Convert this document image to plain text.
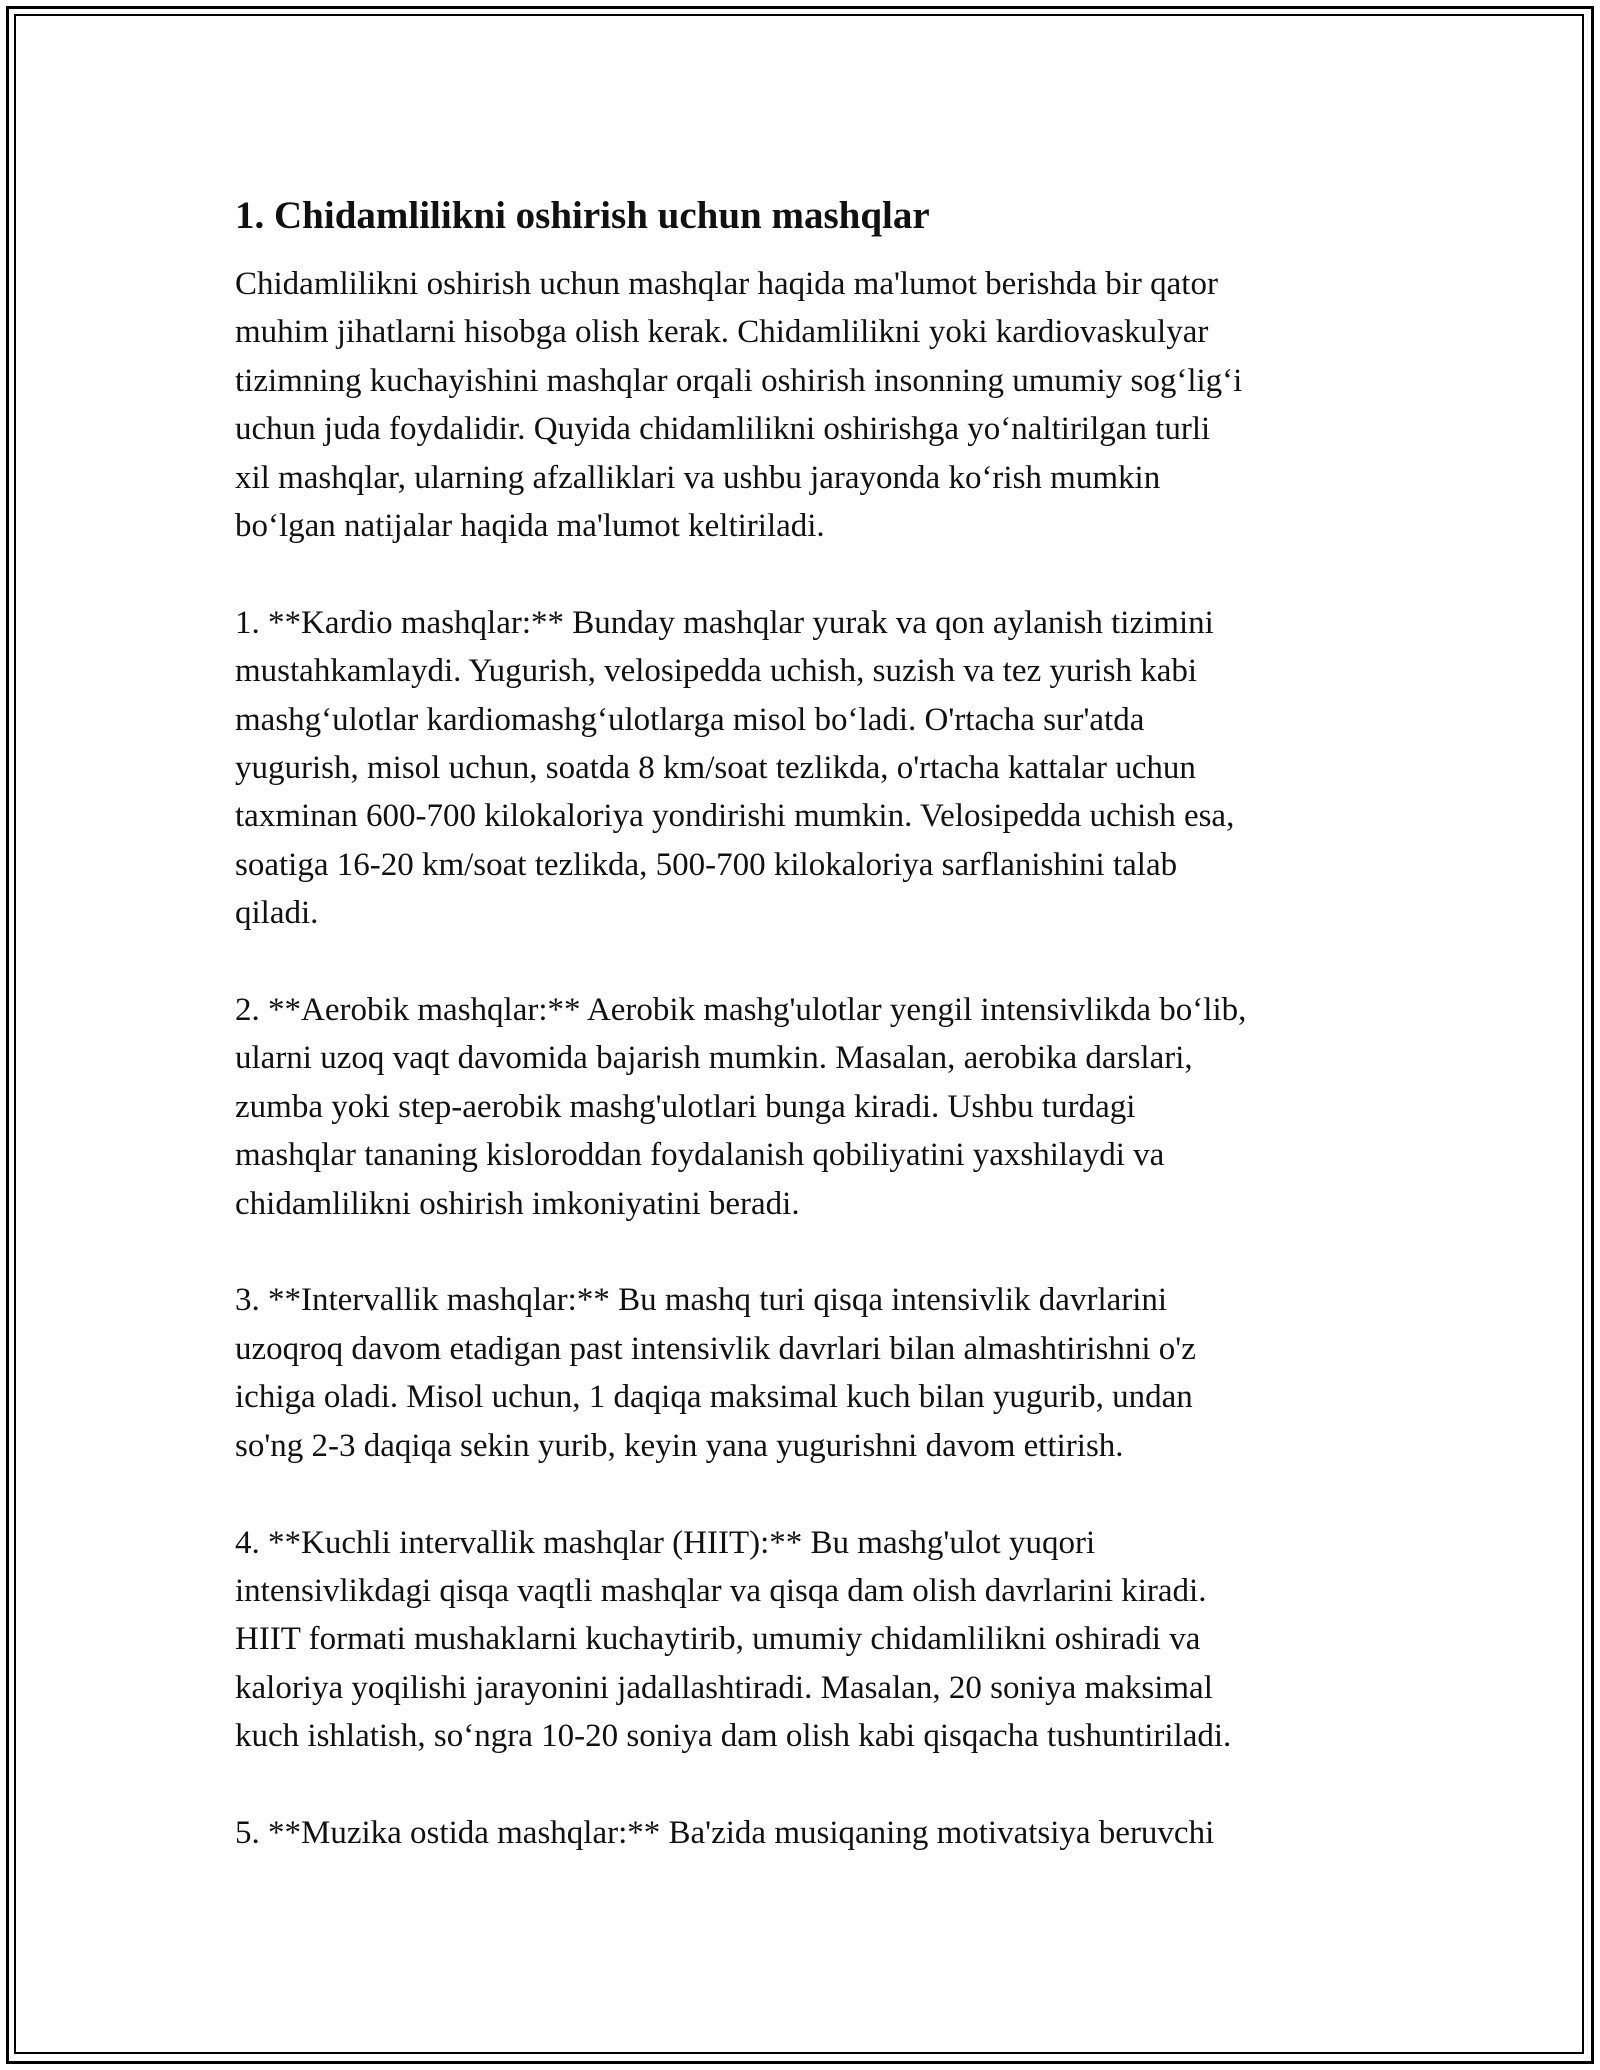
1. Chidamlilikni oshirish uchun mashqlar
Chidamlilikni oshirish uchun mashqlar haqida ma'lumot berishda bir qator
muhim jihatlarni hisobga olish kerak. Chidamlilikni yoki kardiovaskulyar
tizimning kuchayishini mashqlar orqali oshirish insonning umumiy sog‘lig‘i
uchun juda foydalidir. Quyida chidamlilikni oshirishga yo‘naltirilgan turli
xil mashqlar, ularning afzalliklari va ushbu jarayonda ko‘rish mumkin
bo‘lgan natijalar haqida ma'lumot keltiriladi.
1. **Kardio mashqlar:** Bunday mashqlar yurak va qon aylanish tizimini
mustahkamlaydi. Yugurish, velosipedda uchish, suzish va tez yurish kabi
mashg‘ulotlar kardiomashg‘ulotlarga misol bo‘ladi. O'rtacha sur'atda
yugurish, misol uchun, soatda 8 km/soat tezlikda, o'rtacha kattalar uchun
taxminan 600-700 kilokaloriya yondirishi mumkin. Velosipedda uchish esa,
soatiga 16-20 km/soat tezlikda, 500-700 kilokaloriya sarflanishini talab
qiladi.
2. **Aerobik mashqlar:** Aerobik mashg'ulotlar yengil intensivlikda bo‘lib,
ularni uzoq vaqt davomida bajarish mumkin. Masalan, aerobika darslari,
zumba yoki step-aerobik mashg'ulotlari bunga kiradi. Ushbu turdagi
mashqlar tananing kisloroddan foydalanish qobiliyatini yaxshilaydi va
chidamlilikni oshirish imkoniyatini beradi.
3. **Intervallik mashqlar:** Bu mashq turi qisqa intensivlik davrlarini
uzoqroq davom etadigan past intensivlik davrlari bilan almashtirishni o'z
ichiga oladi. Misol uchun, 1 daqiqa maksimal kuch bilan yugurib, undan
so'ng 2-3 daqiqa sekin yurib, keyin yana yugurishni davom ettirish.
4. **Kuchli intervallik mashqlar (HIIT):** Bu mashg'ulot yuqori
intensivlikdagi qisqa vaqtli mashqlar va qisqa dam olish davrlarini kiradi.
HIIT formati mushaklarni kuchaytirib, umumiy chidamlilikni oshiradi va
kaloriya yoqilishi jarayonini jadallashtiradi. Masalan, 20 soniya maksimal
kuch ishlatish, so‘ngra 10-20 soniya dam olish kabi qisqacha tushuntiriladi.
5. **Muzika ostida mashqlar:** Ba'zida musiqaning motivatsiya beruvchi
